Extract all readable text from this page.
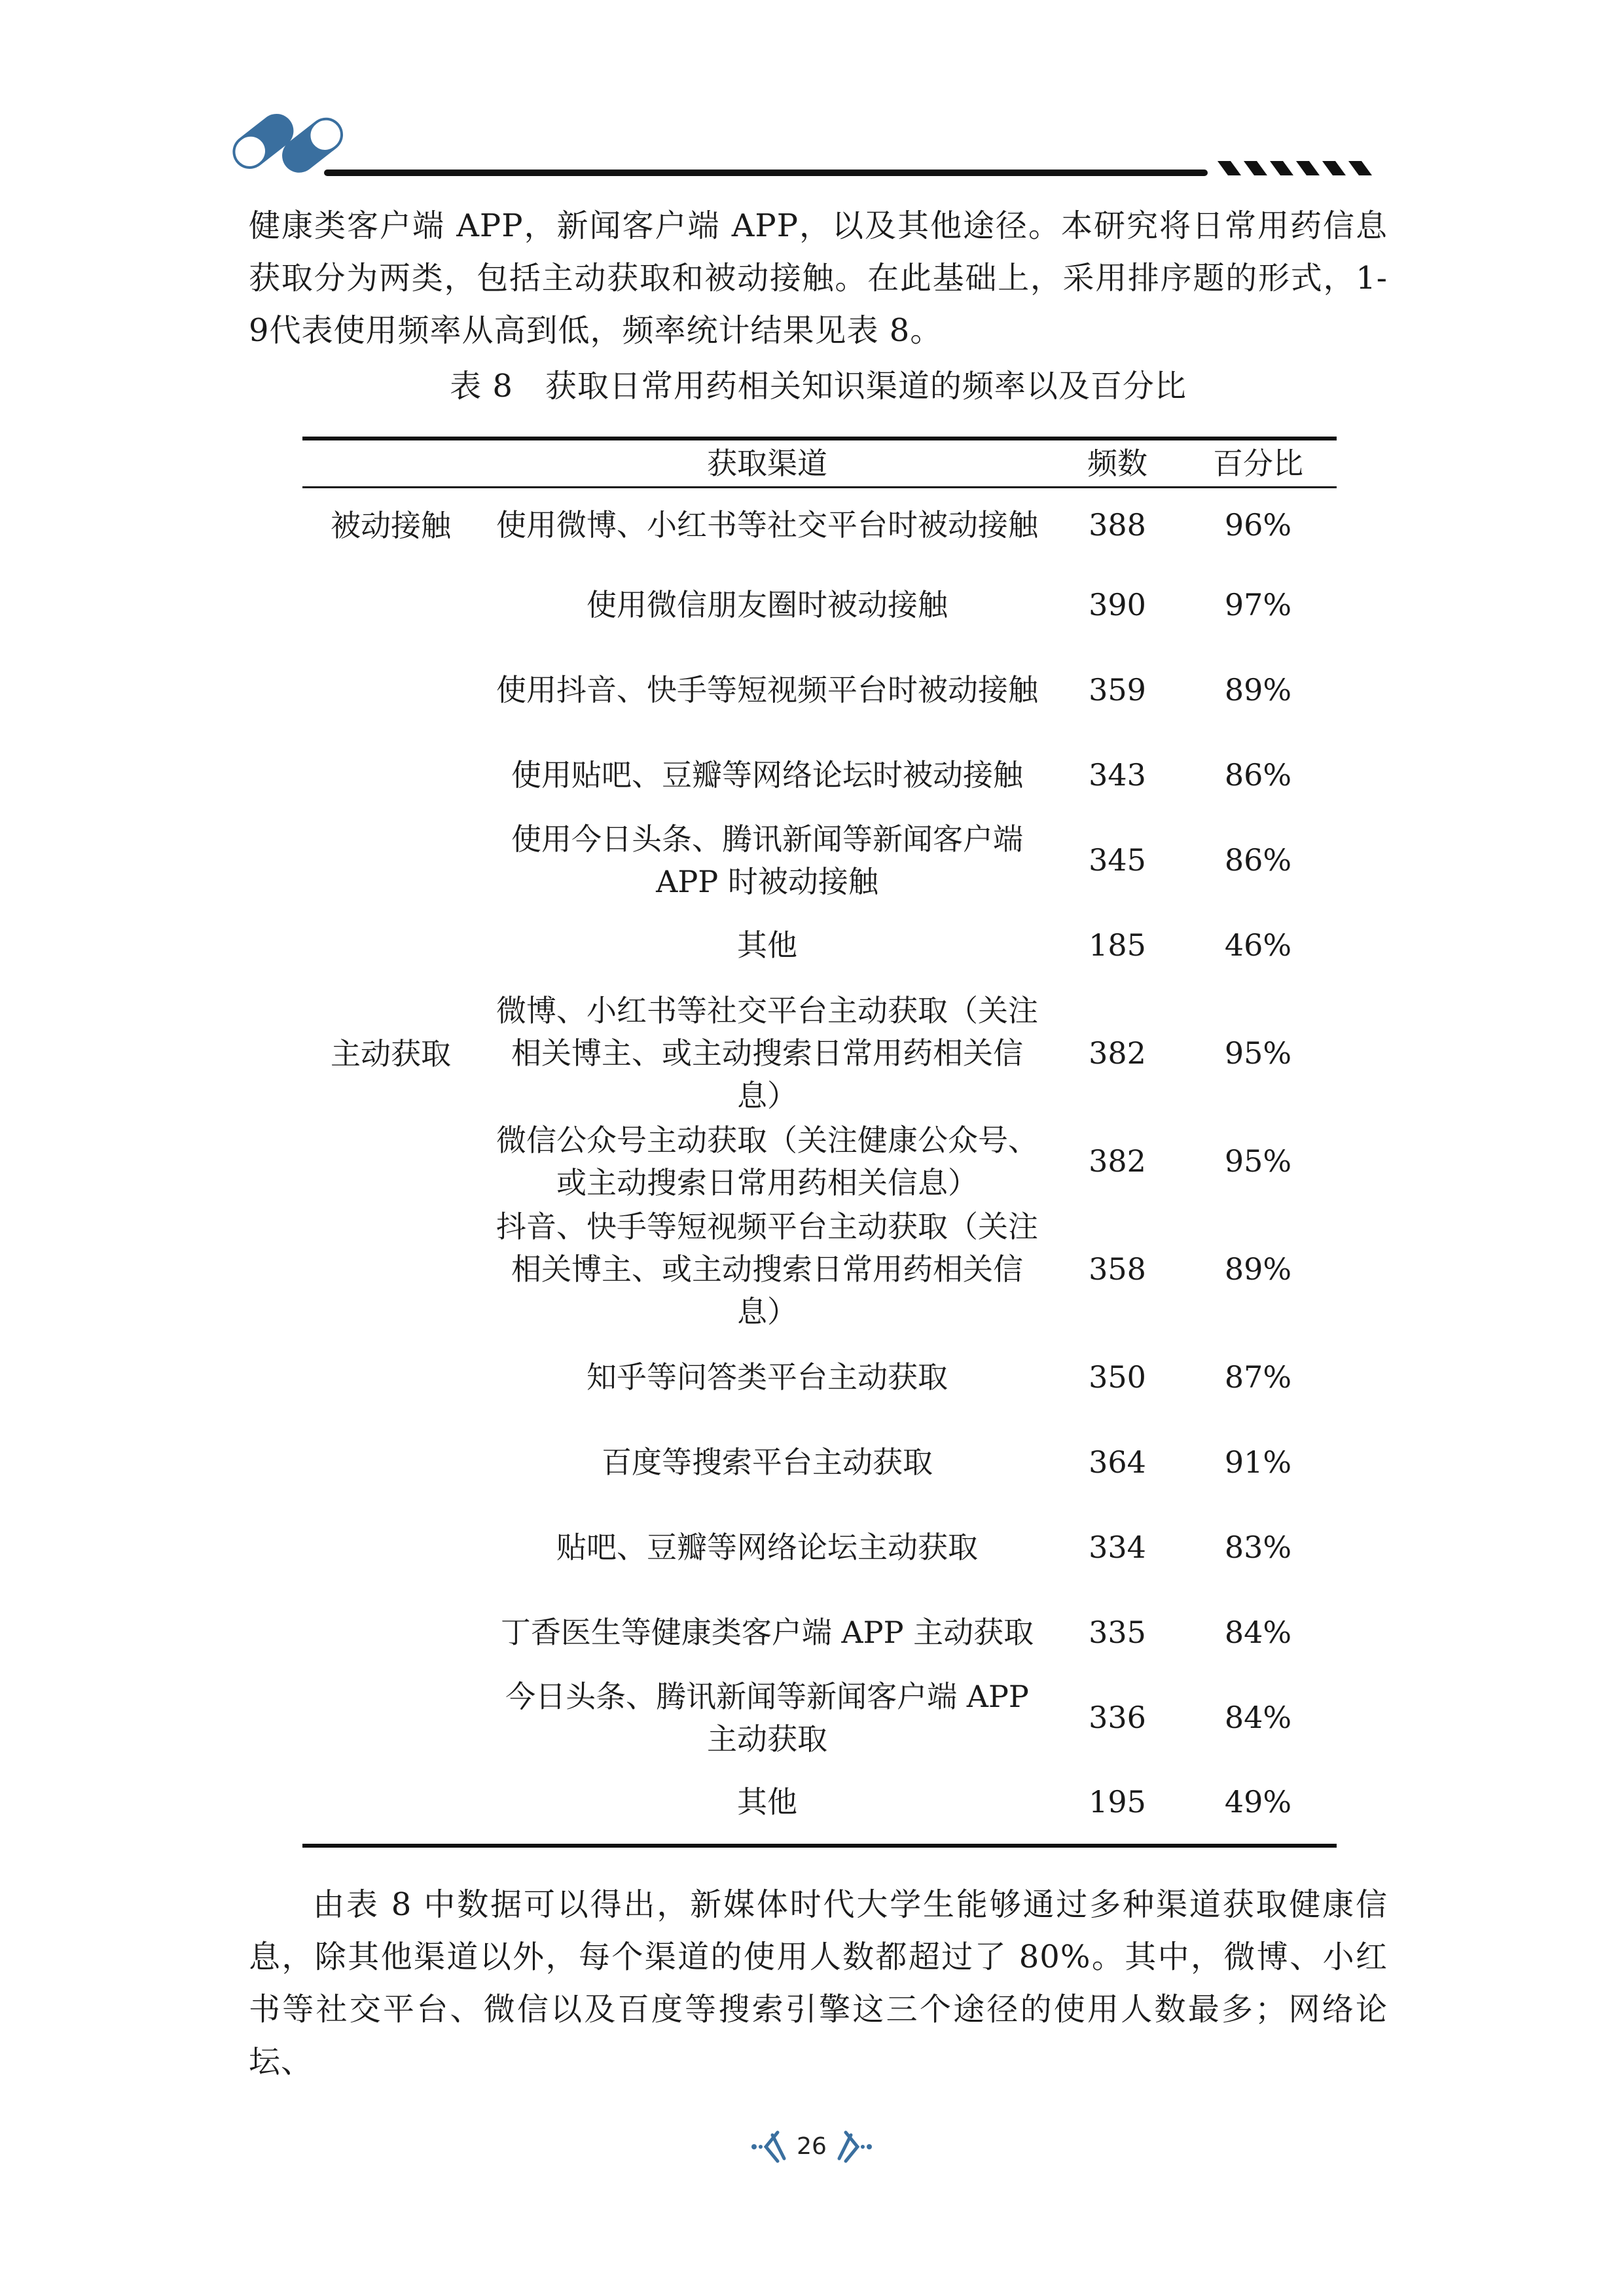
健康类客户端 APP，新闻客户端 APP，以及其他途径。本研究将日常用药信息获取分为两类，包括主动获取和被动接触。在此基础上，采用排序题的形式，1-9代表使用频率从高到低，频率统计结果见表 8。

表 8　获取日常用药相关知识渠道的频率以及百分比
	获取渠道	频数	百分比

被动接触	使用微博、小红书等社交平台时被动接触	388	96%
	使用微信朋友圈时被动接触	390	97%
	使用抖音、快手等短视频平台时被动接触	359	89%
	使用贴吧、豆瓣等网络论坛时被动接触	343	86%
	使用今日头条、腾讯新闻等新闻客户端 APP 时被动接触	345	86%
	其他	185	46%

主动获取	微博、小红书等社交平台主动获取（关注相关博主、或主动搜索日常用药相关信息）	382	95%
	微信公众号主动获取（关注健康公众号、或主动搜索日常用药相关信息）	382	95%
	抖音、快手等短视频平台主动获取（关注相关博主、或主动搜索日常用药相关信息）	358	89%
	知乎等问答类平台主动获取	350	87%
	百度等搜索平台主动获取	364	91%
	贴吧、豆瓣等网络论坛主动获取	334	83%
	丁香医生等健康类客户端 APP 主动获取	335	84%
	今日头条、腾讯新闻等新闻客户端 APP 主动获取	336	84%
	其他	195	49%

由表 8 中数据可以得出，新媒体时代大学生能够通过多种渠道获取健康信息，除其他渠道以外，每个渠道的使用人数都超过了 80%。其中，微博、小红书等社交平台、微信以及百度等搜索引擎这三个途径的使用人数最多；网络论坛、

26
